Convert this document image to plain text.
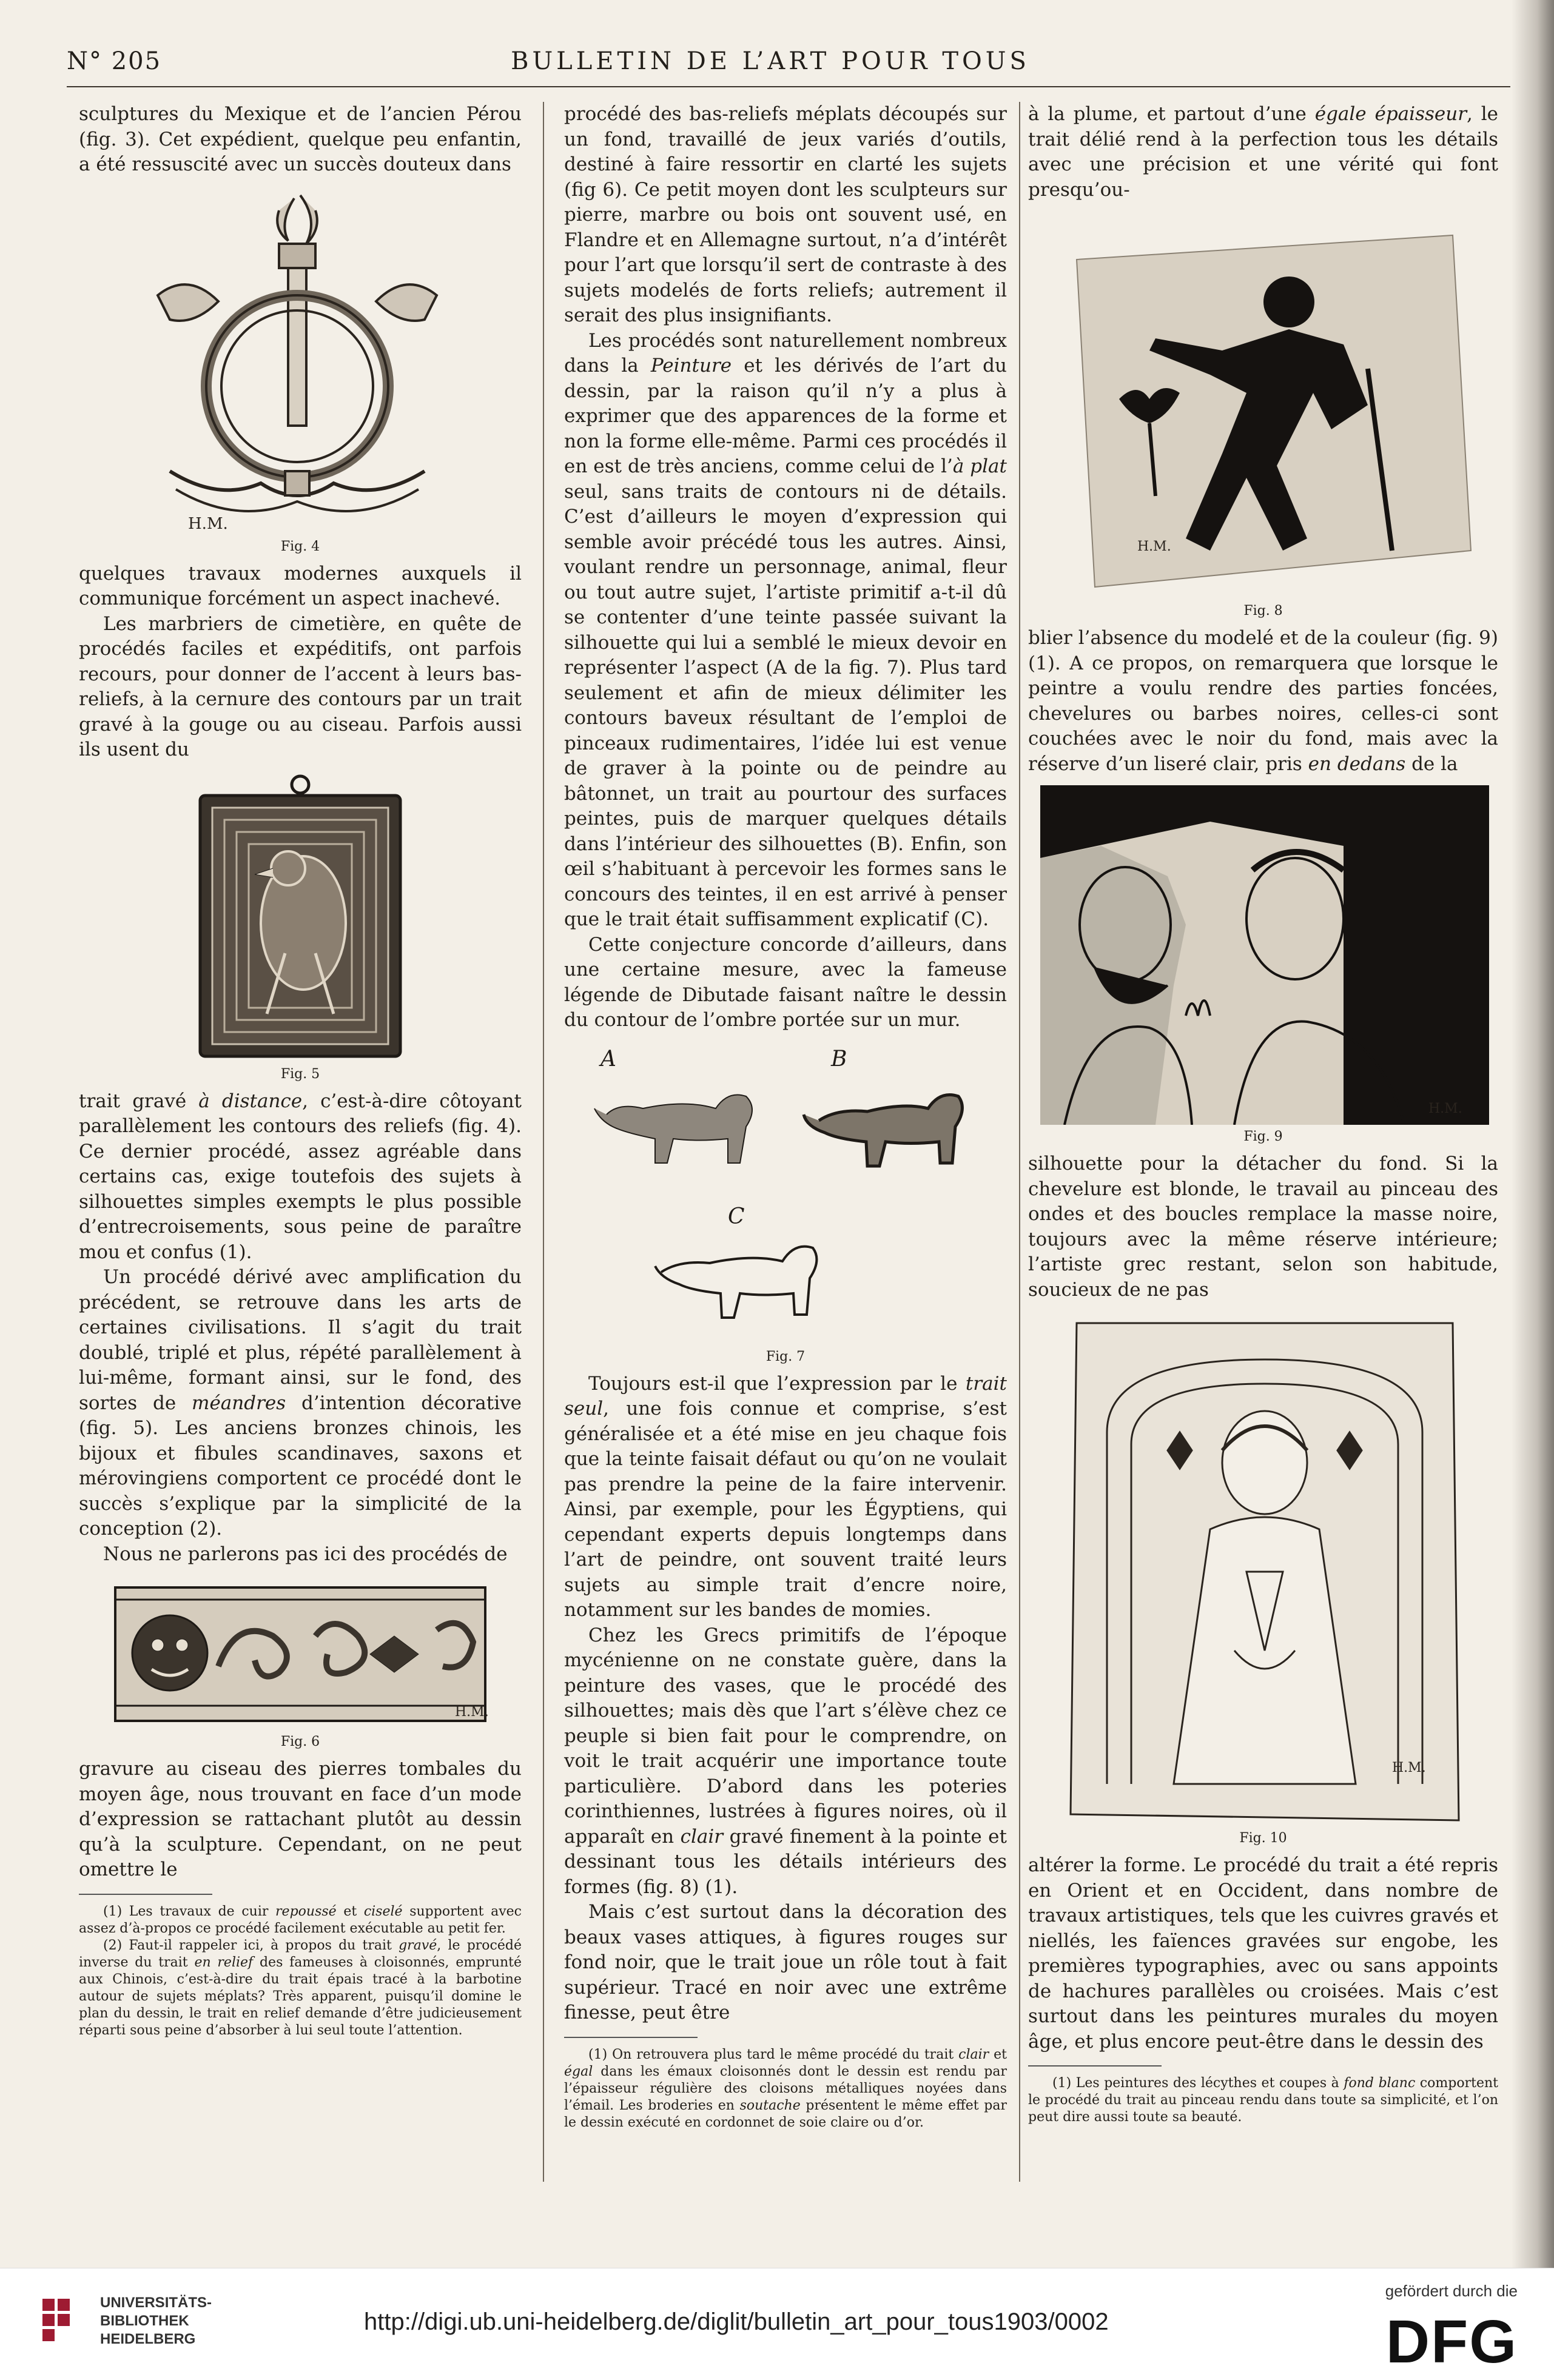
N° 205	BULLETIN DE L’ART POUR TOUS

sculptures du Mexique et de l’ancien Pérou (fig. 3). Cet expédient, quelque peu enfantin, a été ressuscité avec un succès douteux dans

H.M.
Fig. 4

quelques travaux modernes auxquels il communique forcément un aspect inachevé.

Les marbriers de cimetière, en quête de procédés faciles et expéditifs, ont parfois recours, pour donner de l’accent à leurs bas-reliefs, à la cernure des contours par un trait gravé à la gouge ou au ciseau. Parfois aussi ils usent du

Fig. 5

trait gravé à distance, c’est-à-dire côtoyant parallèlement les contours des reliefs (fig. 4). Ce dernier procédé, assez agréable dans certains cas, exige toutefois des sujets à silhouettes simples exempts le plus possible d’entrecroisements, sous peine de paraître mou et confus (1).

Un procédé dérivé avec amplification du précédent, se retrouve dans les arts de certaines civilisations. Il s’agit du trait doublé, triplé et plus, répété parallèlement à lui-même, formant ainsi, sur le fond, des sortes de méandres d’intention décorative (fig. 5). Les anciens bronzes chinois, les bijoux et fibules scandinaves, saxons et mérovingiens comportent ce procédé dont le succès s’explique par la simplicité de la conception (2).

Nous ne parlerons pas ici des procédés de

H.M.
Fig. 6

gravure au ciseau des pierres tombales du moyen âge, nous trouvant en face d’un mode d’expression se rattachant plutôt au dessin qu’à la sculpture. Cependant, on ne peut omettre le

(1) Les travaux de cuir repoussé et ciselé supportent avec assez d’à-propos ce procédé facilement exécutable au petit fer.

(2) Faut-il rappeler ici, à propos du trait gravé, le procédé inverse du trait en relief des fameuses à cloisonnés, emprunté aux Chinois, c’est-à-dire du trait épais tracé à la barbotine autour de sujets méplats? Très apparent, puisqu’il domine le plan du dessin, le trait en relief demande d’être judicieusement réparti sous peine d’absorber à lui seul toute l’attention.

procédé des bas-reliefs méplats découpés sur un fond, travaillé de jeux variés d’outils, destiné à faire ressortir en clarté les sujets (fig 6). Ce petit moyen dont les sculpteurs sur pierre, marbre ou bois ont souvent usé, en Flandre et en Allemagne surtout, n’a d’intérêt pour l’art que lorsqu’il sert de contraste à des sujets modelés de forts reliefs; autrement il serait des plus insignifiants.

Les procédés sont naturellement nombreux dans la Peinture et les dérivés de l’art du dessin, par la raison qu’il n’y a plus à exprimer que des apparences de la forme et non la forme elle-même. Parmi ces procédés il en est de très anciens, comme celui de l’à plat seul, sans traits de contours ni de détails. C’est d’ailleurs le moyen d’expression qui semble avoir précédé tous les autres. Ainsi, voulant rendre un personnage, animal, fleur ou tout autre sujet, l’artiste primitif a-t-il dû se contenter d’une teinte passée suivant la silhouette qui lui a semblé le mieux devoir en représenter l’aspect (A de la fig. 7). Plus tard seulement et afin de mieux délimiter les contours baveux résultant de l’emploi de pinceaux rudimentaires, l’idée lui est venue de graver à la pointe ou de peindre au bâtonnet, un trait au pourtour des surfaces peintes, puis de marquer quelques détails dans l’intérieur des silhouettes (B). Enfin, son œil s’habituant à percevoir les formes sans le concours des teintes, il en est arrivé à penser que le trait était suffisamment explicatif (C).

Cette conjecture concorde d’ailleurs, dans une certaine mesure, avec la fameuse légende de Dibutade faisant naître le dessin du contour de l’ombre portée sur un mur.

A	B
C
Fig. 7

Toujours est-il que l’expression par le trait seul, une fois connue et comprise, s’est généralisée et a été mise en jeu chaque fois que la teinte faisait défaut ou qu’on ne voulait pas prendre la peine de la faire intervenir. Ainsi, par exemple, pour les Égyptiens, qui cependant experts depuis longtemps dans l’art de peindre, ont souvent traité leurs sujets au simple trait d’encre noire, notamment sur les bandes de momies.

Chez les Grecs primitifs de l’époque mycénienne on ne constate guère, dans la peinture des vases, que le procédé des silhouettes; mais dès que l’art s’élève chez ce peuple si bien fait pour le comprendre, on voit le trait acquérir une importance toute particulière. D’abord dans les poteries corinthiennes, lustrées à figures noires, où il apparaît en clair gravé finement à la pointe et dessinant tous les détails intérieurs des formes (fig. 8) (1).

Mais c’est surtout dans la décoration des beaux vases attiques, à figures rouges sur fond noir, que le trait joue un rôle tout à fait supérieur. Tracé en noir avec une extrême finesse, peut être

(1) On retrouvera plus tard le même procédé du trait clair et égal dans les émaux cloisonnés dont le dessin est rendu par l’épaisseur régulière des cloisons métalliques noyées dans l’émail. Les broderies en soutache présentent le même effet par le dessin exécuté en cordonnet de soie claire ou d’or.

à la plume, et partout d’une égale épaisseur, le trait délié rend à la perfection tous les détails avec une précision et une vérité qui font presqu’ou-

H.M.
Fig. 8

blier l’absence du modelé et de la couleur (fig. 9) (1). A ce propos, on remarquera que lorsque le peintre a voulu rendre des parties foncées, chevelures ou barbes noires, celles-ci sont couchées avec le noir du fond, mais avec la réserve d’un liseré clair, pris en dedans de la

H.M.
Fig. 9

silhouette pour la détacher du fond. Si la chevelure est blonde, le travail au pinceau des ondes et des boucles remplace la masse noire, toujours avec la même réserve intérieure; l’artiste grec restant, selon son habitude, soucieux de ne pas

H.M.
Fig. 10

altérer la forme. Le procédé du trait a été repris en Orient et en Occident, dans nombre de travaux artistiques, tels que les cuivres gravés et niellés, les faïences gravées sur engobe, les premières typographies, avec ou sans appoints de hachures parallèles ou croisées. Mais c’est surtout dans les peintures murales du moyen âge, et plus encore peut-être dans le dessin des

(1) Les peintures des lécythes et coupes à fond blanc comportent le procédé du trait au pinceau rendu dans toute sa simplicité, et l’on peut dire aussi toute sa beauté.

UNIVERSITÄTS-
BIBLIOTHEK
HEIDELBERG
http://digi.ub.uni-heidelberg.de/diglit/bulletin_art_pour_tous1903/0002
gefördert durch die
DFG
